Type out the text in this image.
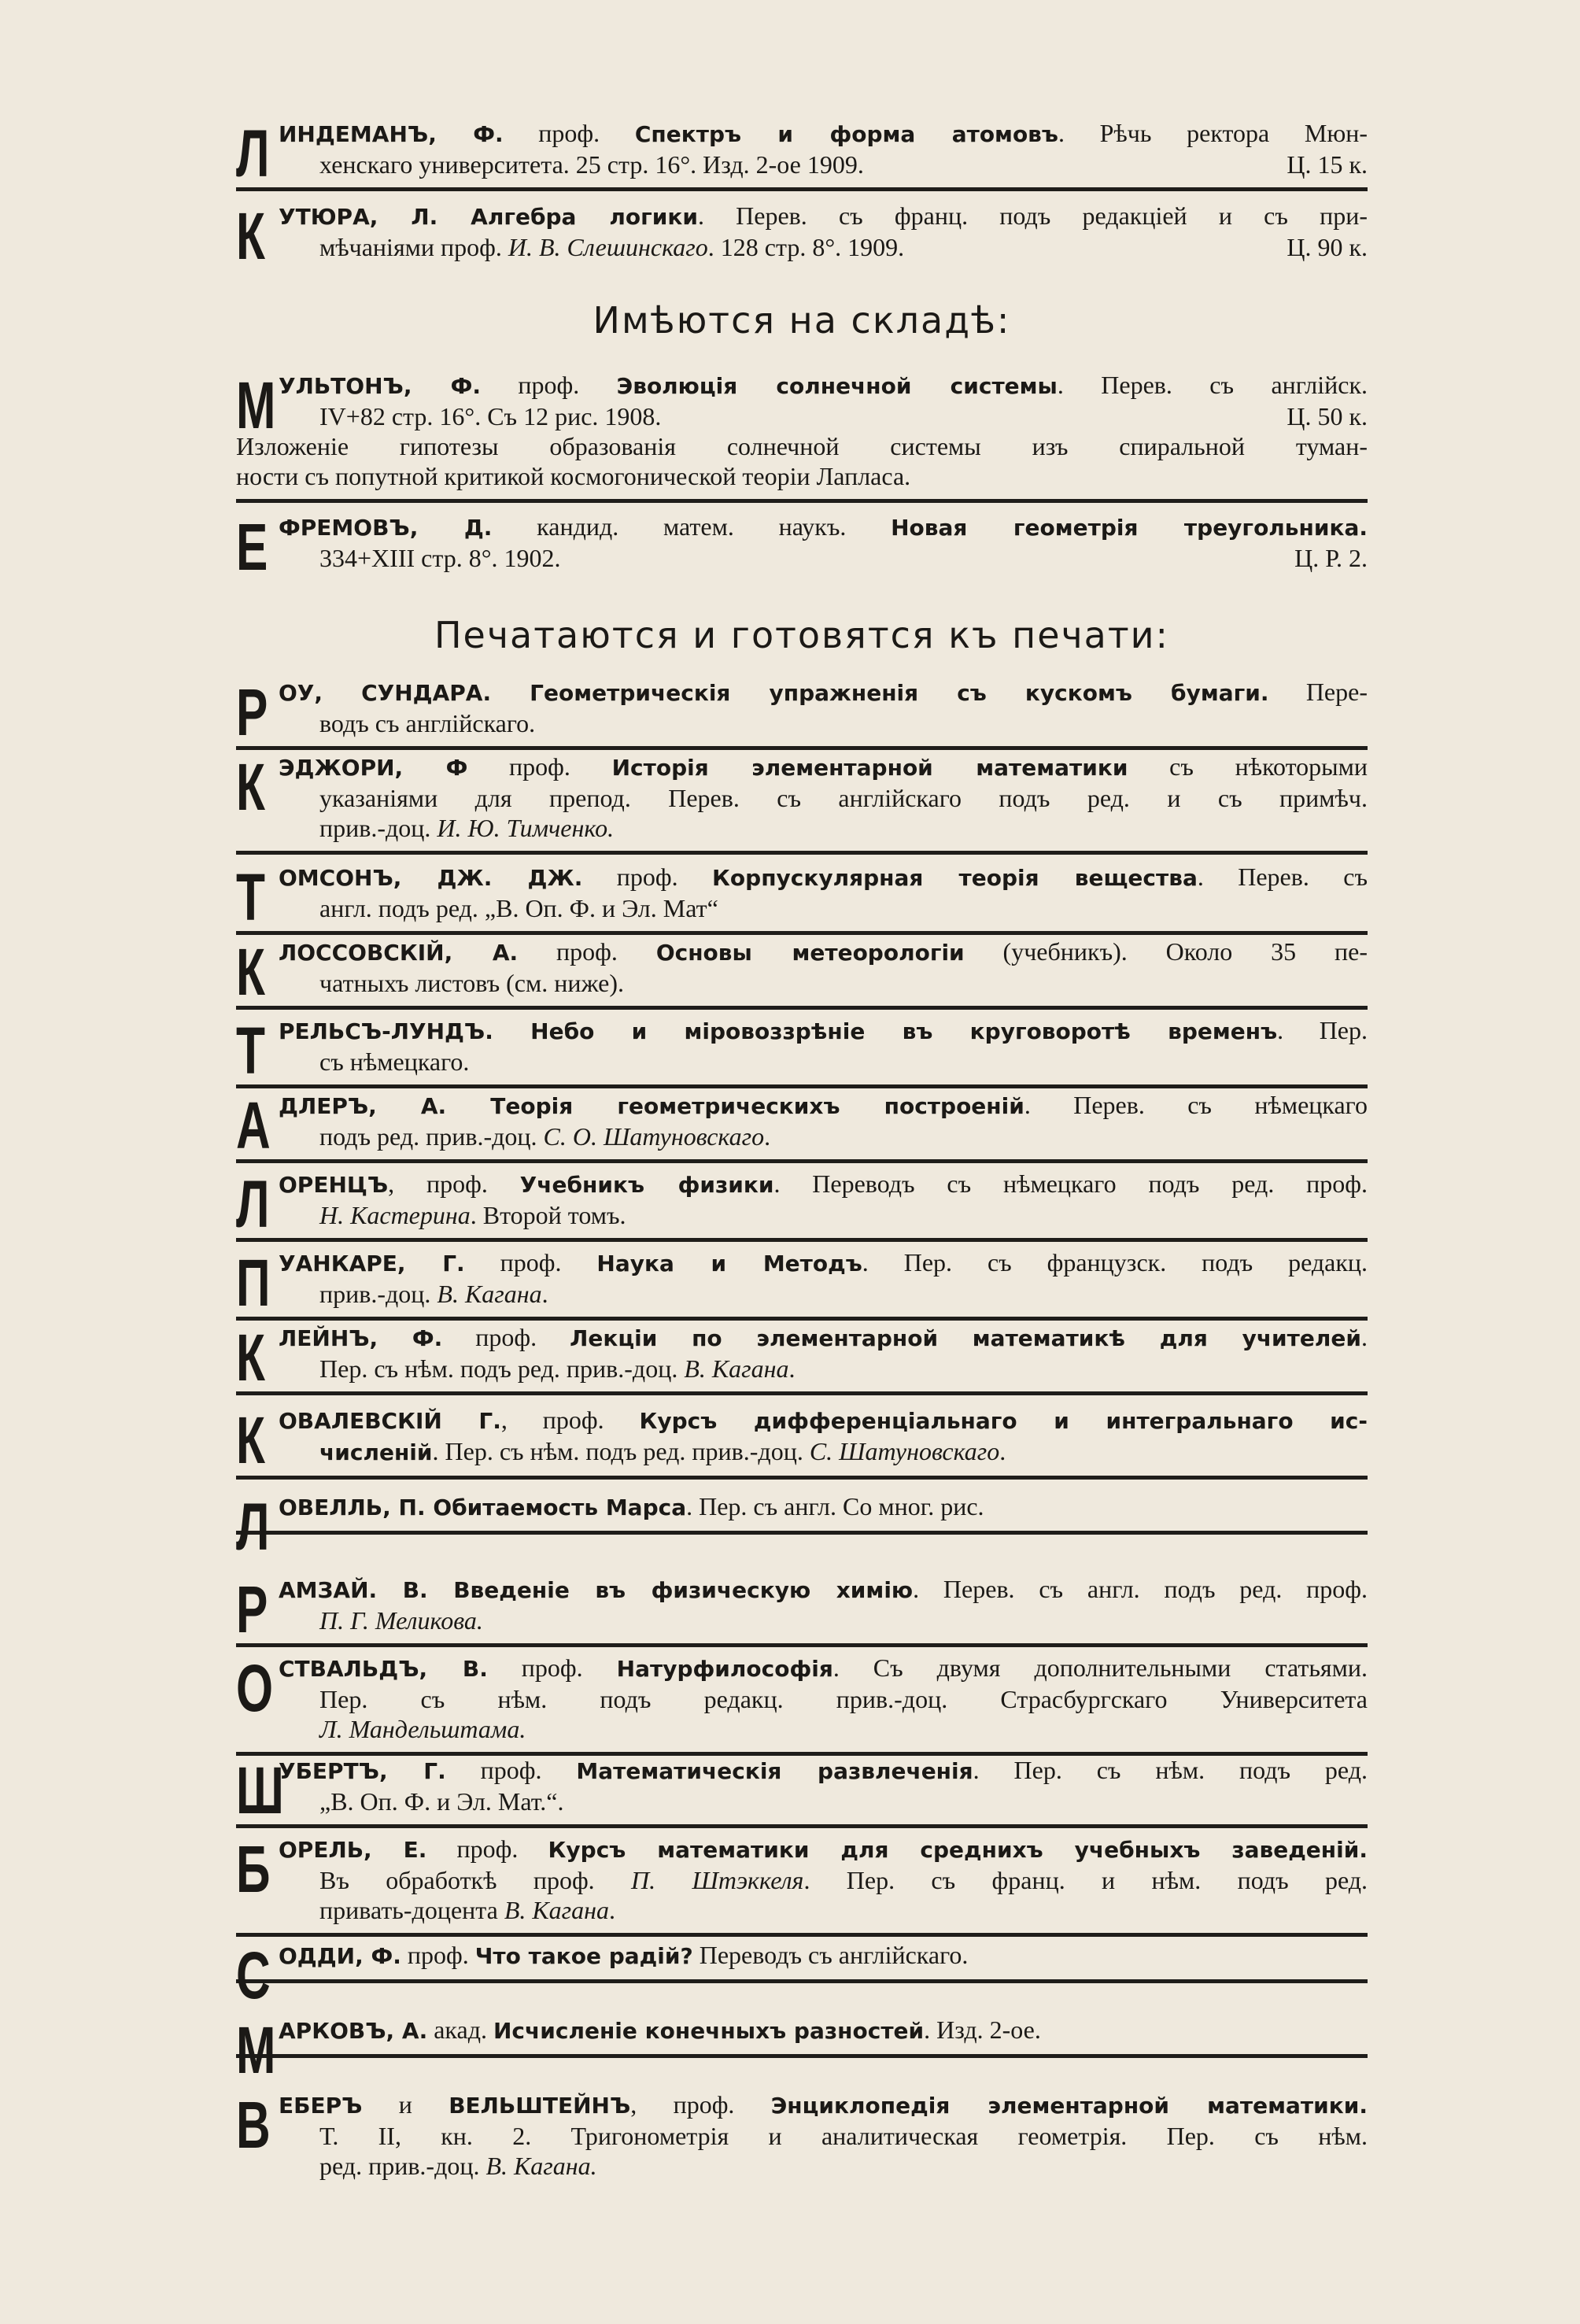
Имѣются на складѣ:
Печатаются и готовятся къ печати:
Л ИНДЕМАНЪ, Ф. проф. Спектръ и форма атомовъ. Рѣчь ректора Мюн-
хенскаго университета. 25 стр. 16°. Изд. 2-ое 1909.	Ц. 15 к.
К УТЮРА, Л. Алгебра логики. Перев. съ франц. подъ редакціей и съ при-
мѣчаніями проф. И. В. Слешинскаго. 128 стр. 8°. 1909.	Ц. 90 к.
М УЛЬТОНЪ, Ф. проф. Эволюція солнечной системы. Перев. съ англійск.
IV+82 стр. 16°. Съ 12 рис. 1908.	Ц. 50 к.
Изложеніе гипотезы образованія солнечной системы изъ спиральной туман-
ности съ попутной критикой космогонической теоріи Лапласа.
Е ФРЕМОВЪ, Д. кандид. матем. наукъ. Новая геометрія треугольника.
334+XIII стр. 8°. 1902.	Ц. Р. 2.
Р ОУ, СУНДАРА. Геометрическія упражненія съ кускомъ бумаги. Пере-
водъ съ англійскаго.
К ЭДЖОРИ, Ф проф. Исторія элементарной математики съ нѣкоторыми
указаніями для препод. Перев. съ англійскаго подъ ред. и съ примѣч.
прив.-доц. И. Ю. Тимченко.
Т ОМСОНЪ, ДЖ. ДЖ. проф. Корпускулярная теорія вещества. Перев. съ
англ. подъ ред. „В. Оп. Ф. и Эл. Мат“
К ЛОССОВСКІЙ, А. проф. Основы метеорологіи (учебникъ). Около 35 пе-
чатныхъ листовъ (см. ниже).
Т РЕЛЬСЪ-ЛУНДЪ. Небо и міровоззрѣніе въ круговоротѣ временъ. Пер.
съ нѣмецкаго.
А ДЛЕРЪ, А. Теорія геометрическихъ построеній. Перев. съ нѣмецкаго
подъ ред. прив.-доц. С. О. Шатуновскаго.
Л ОРЕНЦЪ, проф. Учебникъ физики. Переводъ съ нѣмецкаго подъ ред. проф.
Н. Кастерина. Второй томъ.
П УАНКАРЕ, Г. проф. Наука и Методъ. Пер. съ французск. подъ редакц.
прив.-доц. В. Кагана.
К ЛЕЙНЪ, Ф. проф. Лекціи по элементарной математикѣ для учителей.
Пер. съ нѣм. подъ ред. прив.-доц. В. Кагана.
К ОВАЛЕВСКІЙ Г., проф. Курсъ дифференціальнаго и интегральнаго ис-
численій. Пер. съ нѣм. подъ ред. прив.-доц. С. Шатуновскаго.
Л ОВЕЛЛЬ, П. Обитаемость Марса. Пер. съ англ. Со мног. рис.
Р АМЗАЙ. В. Введеніе въ физическую химію. Перев. съ англ. подъ ред. проф.
П. Г. Меликова.
О СТВАЛЬДЪ, В. проф. Натурфилософія. Съ двумя дополнительными статьями.
Пер. съ нѣм. подъ редакц. прив.-доц. Страсбургскаго Университета
Л. Мандельштама.
Ш
УБЕРТЪ, Г. проф. Математическія развлеченія. Пер. съ нѣм. подъ ред.
„В. Оп. Ф. и Эл. Мат.“.
Б ОРЕЛЬ, Е. проф. Курсъ математики для среднихъ учебныхъ заведеній.
Въ обработкѣ проф. П. Штэккеля. Пер. съ франц. и нѣм. подъ ред.
привать-доцента В. Кагана.
С ОДДИ, Ф. проф. Что такое радій? Переводъ съ англійскаго.
М АРКОВЪ, А. акад. Исчисленіе конечныхъ разностей. Изд. 2-ое.
В ЕБЕРЪ и ВЕЛЬШТЕЙНЪ, проф. Энциклопедія элементарной математики.
Т. II, кн. 2. Тригонометрія и аналитическая геометрія. Пер. съ нѣм.
ред. прив.-доц. В. Кагана.
